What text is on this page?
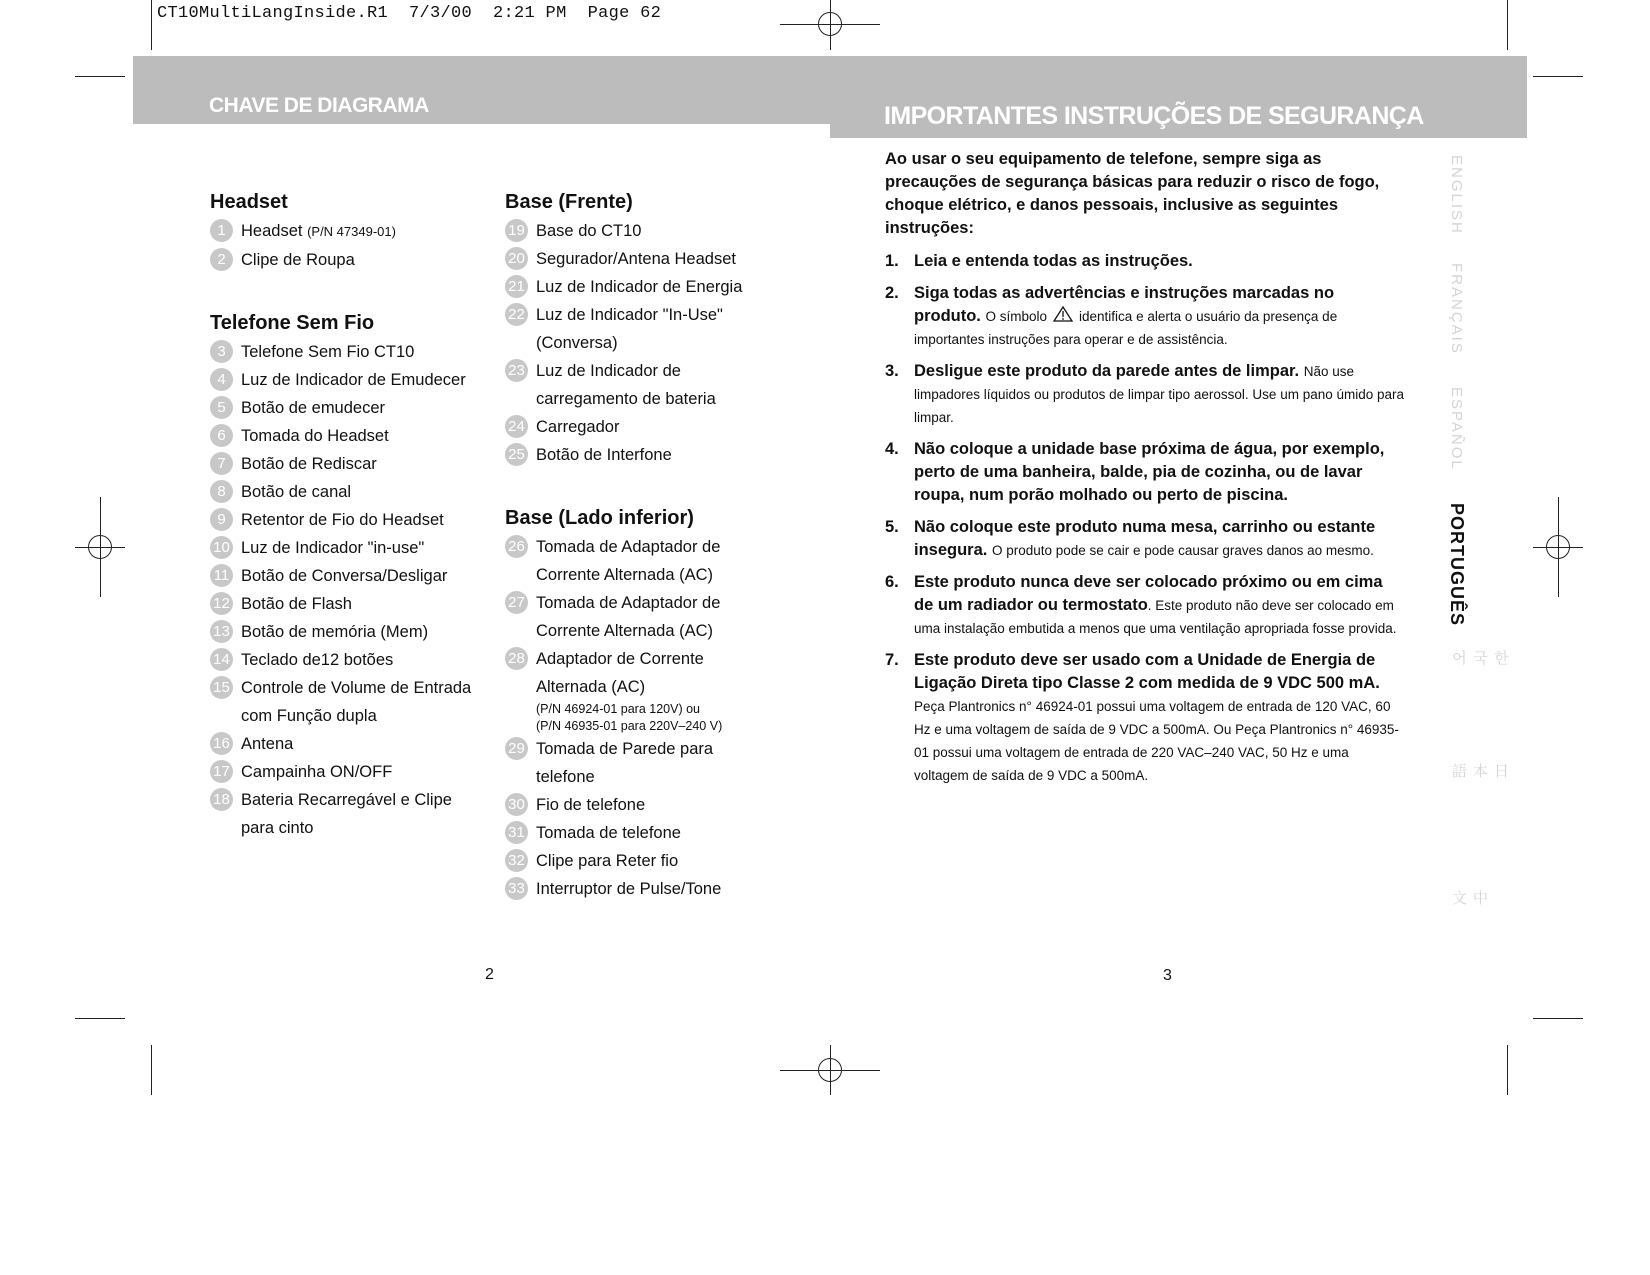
CT10MultiLangInside.R1  7/3/00  2:21 PM  Page 62
CHAVE DE DIAGRAMA	IMPORTANTES INSTRUÇÕES DE SEGURANÇA
Headset
1 Headset (P/N 47349-01)
2 Clipe de Roupa
Telefone Sem Fio
3 Telefone Sem Fio CT10
4 Luz de Indicador de Emudecer
5 Botão de emudecer
6 Tomada do Headset
7 Botão de Rediscar
8 Botão de canal
9 Retentor de Fio do Headset
10 Luz de Indicador "in-use"
11 Botão de Conversa/Desligar
12 Botão de Flash
13 Botão de memória (Mem)
14 Teclado de12 botões
15 Controle de Volume de Entrada com Função dupla
16 Antena
17 Campainha ON/OFF
18 Bateria Recarregável e Clipe para cinto
Base (Frente)
19 Base do CT10
20 Segurador/Antena Headset
21 Luz de Indicador de Energia
22 Luz de Indicador "In-Use" (Conversa)
23 Luz de Indicador de carregamento de bateria
24 Carregador
25 Botão de Interfone
Base (Lado inferior)
26 Tomada de Adaptador de Corrente Alternada (AC)
27 Tomada de Adaptador de Corrente Alternada (AC)
28 Adaptador de Corrente Alternada (AC)
(P/N 46924-01 para 120V) ou
(P/N 46935-01 para 220V–240 V)
29 Tomada de Parede para telefone
30 Fio de telefone
31 Tomada de telefone
32 Clipe para Reter fio
33 Interruptor de Pulse/Tone
Ao usar o seu equipamento de telefone, sempre siga as precauções de segurança básicas para reduzir o risco de fogo, choque elétrico, e danos pessoais, inclusive as seguintes instruções:
1. Leia e entenda todas as instruções.
2. Siga todas as advertências e instruções marcadas no produto. O símbolo identifica e alerta o usuário da presença de importantes instruções para operar e de assistência.
3. Desligue este produto da parede antes de limpar. Não use limpadores líquidos ou produtos de limpar tipo aerossol. Use um pano úmido para limpar.
4. Não coloque a unidade base próxima de água, por exemplo, perto de uma banheira, balde, pia de cozinha, ou de lavar roupa, num porão molhado ou perto de piscina.
5. Não coloque este produto numa mesa, carrinho ou estante insegura. O produto pode se cair e pode causar graves danos ao mesmo.
6. Este produto nunca deve ser colocado próximo ou em cima de um radiador ou termostato. Este produto não deve ser colocado em uma instalação embutida a menos que uma ventilação apropriada fosse provida.
7. Este produto deve ser usado com a Unidade de Energia de Ligação Direta tipo Classe 2 com medida de 9 VDC 500 mA. Peça Plantronics n° 46924-01 possui uma voltagem de entrada de 120 VAC, 60 Hz e uma voltagem de saída de 9 VDC a 500mA. Ou Peça Plantronics n° 46935-01 possui uma voltagem de entrada de 220 VAC–240 VAC, 50 Hz e uma voltagem de saída de 9 VDC a 500mA.
ENGLISH
FRANÇAIS
ESPAÑOL
PORTUGUÊS
한국어
日本語
中文
2	3
